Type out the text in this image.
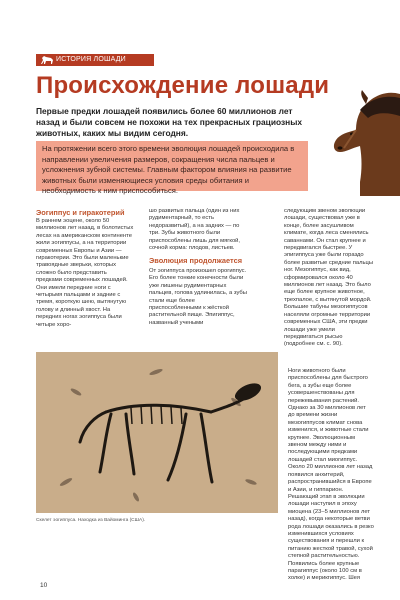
ИСТОРИЯ ЛОШАДИ
Происхождение лошади
Первые предки лошадей появились более 60 миллионов лет назад и были совсем не похожи на тех прекрасных грациозных животных, каких мы видим сегодня.
На протяжении всего этого времени эволюция лошадей происходила в направлении увеличения размеров, сокращения числа пальцев и усложнения зубной системы. Главным фактором влияния на развитие животных были изменяющиеся условия среды обитания и необходимость к ним приспособиться.

Эогиппус и гиракотерий

В раннем эоцене, около 50 миллионов лет назад, в болотистых лесах на американском континенте жили эогиппусы, а на территории современных Европы и Азии — гиракотерии. Это были маленькие травоядные зверьки, которых сложно было представить предками современных лошадей. Они имели передние ноги с четырьмя пальцами и задние с тремя, короткую шею, вытянутую голову и длинный хвост. На передних ногах эогиппуса были четыре хоро-

шо развитых пальца (один из них рудиментарный, то есть недоразвитый), а на задних — по три. Зубы животного были приспособлены лишь для мягкой, сочной корма: плодов, листьев.

Эволюция продолжается

От эогиппуса произошел орогиппус. Его более тонкие конечности были уже лишены рудиментарных пальцев, голова удлинилась, а зубы стали еще более приспособленными к жёсткой растительной пище. Эпигиппус, названный учеными

следующим звеном эволюции лошади, существовал уже в конце, более засушливом климате, когда леса сменялись саваннами. Он стал крупнее и передвигался быстрее. У эпигиппуса уже были гораздо более развитые средние пальцы ног. Мезогиппус, как вид, сформировался около 40 миллионов лет назад. Это было еще более крупное животное, трехпалое, с вытянутой мордой. Большие табуны мезогиппусов населяли огромные территории современных США, эти предки лошади уже умели передвигаться рысью (подробнее см. с. 90).

Ноги животного были приспособлены для быстрого бега, а зубы еще более усовершенствованы для пережевывания растений. Однако за 30 миллионов лет до времени жизни мезогиппусов климат снова изменился, и животные стали крупнее. Эволюционным звеном между ними и последующими предками лошадей стал миогиппус. Около 20 миллионов лет назад появился анхитерий, распространившийся в Европе и Азии, и гиппарион. Решающий этап в эволюции лошади наступил в эпоху миоцена (23–5 миллионов лет назад), когда некоторые ветви рода лошади оказались в резко изменившихся условиях существования и перешли к питанию жесткой травой, сухой степной растительностью. Появились более крупные парагиппус (около 100 см в холке) и мерикгиппус. Шея

Скелет эогиппуса. Находка из Вайоминга (США).
10
